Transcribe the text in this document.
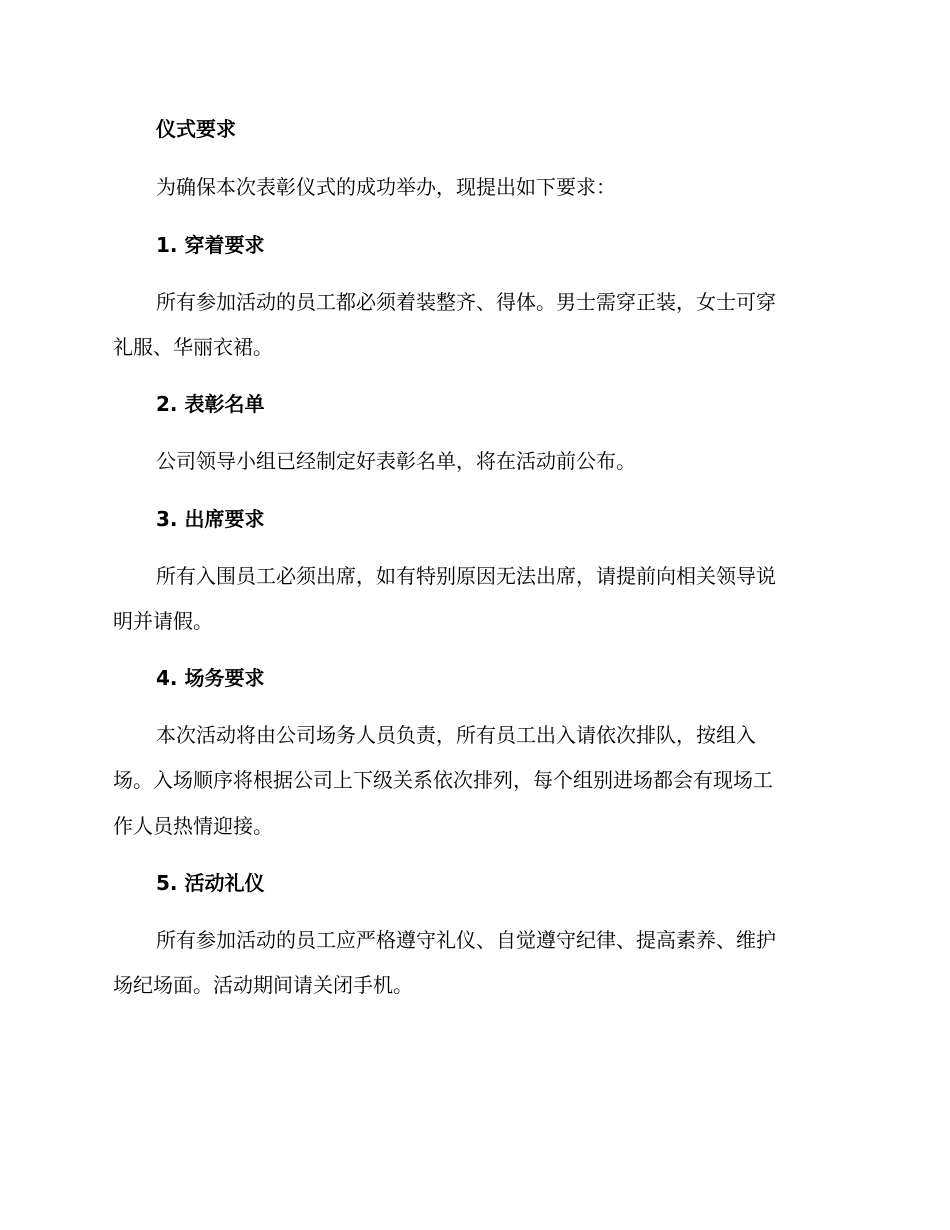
仪式要求
为确保本次表彰仪式的成功举办，现提出如下要求：
1. 穿着要求
所有参加活动的员工都必须着装整齐、得体。男士需穿正装，女士可穿
礼服、华丽衣裙。
2. 表彰名单
公司领导小组已经制定好表彰名单，将在活动前公布。
3. 出席要求
所有入围员工必须出席，如有特别原因无法出席，请提前向相关领导说
明并请假。
4. 场务要求
本次活动将由公司场务人员负责，所有员工出入请依次排队，按组入
场。入场顺序将根据公司上下级关系依次排列，每个组别进场都会有现场工
作人员热情迎接。
5. 活动礼仪
所有参加活动的员工应严格遵守礼仪、自觉遵守纪律、提高素养、维护
场纪场面。活动期间请关闭手机。
